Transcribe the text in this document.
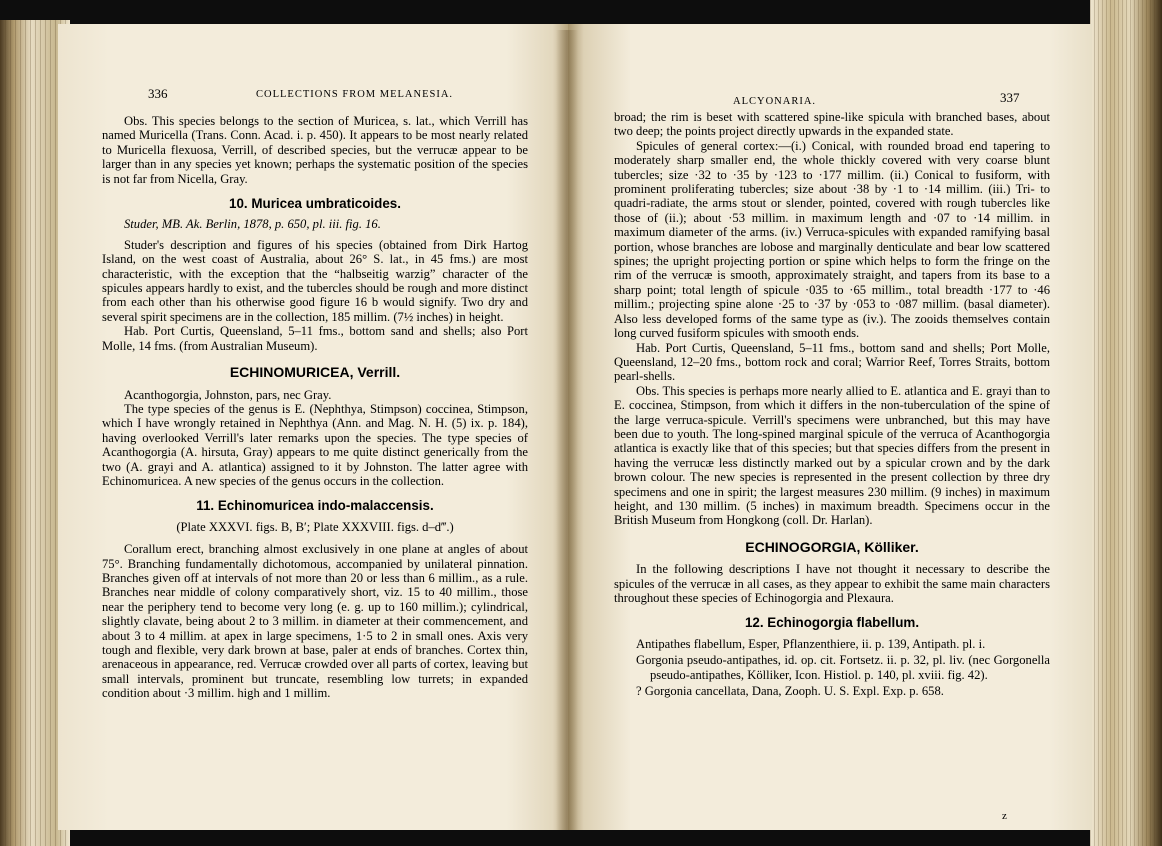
336	COLLECTIONS FROM MELANESIA.

Obs. This species belongs to the section of Muricea, s. lat., which Verrill has named Muricella (Trans. Conn. Acad. i. p. 450). It appears to be most nearly related to Muricella flexuosa, Verrill, of described species, but the verrucæ appear to be larger than in any species yet known; perhaps the systematic position of the species is not far from Nicella, Gray.

10. Muricea umbraticoides.
Studer, MB. Ak. Berlin, 1878, p. 650, pl. iii. fig. 16.

Studer's description and figures of his species (obtained from Dirk Hartog Island, on the west coast of Australia, about 26° S. lat., in 45 fms.) are most characteristic, with the exception that the “halbseitig warzig” character of the spicules appears hardly to exist, and the tubercles should be rough and more distinct from each other than his otherwise good figure 16 b would signify. Two dry and several spirit specimens are in the collection, 185 millim. (7½ inches) in height.

Hab. Port Curtis, Queensland, 5–11 fms., bottom sand and shells; also Port Molle, 14 fms. (from Australian Museum).

ECHINOMURICEA, Verrill.

Acanthogorgia, Johnston, pars, nec Gray.

The type species of the genus is E. (Nephthya, Stimpson) coccinea, Stimpson, which I have wrongly retained in Nephthya (Ann. and Mag. N. H. (5) ix. p. 184), having overlooked Verrill's later remarks upon the species. The type species of Acanthogorgia (A. hirsuta, Gray) appears to me quite distinct generically from the two (A. grayi and A. atlantica) assigned to it by Johnston. The latter agree with Echinomuricea. A new species of the genus occurs in the collection.

11. Echinomuricea indo-malaccensis.
(Plate XXXVI. figs. B, B′; Plate XXXVIII. figs. d–d‴.)

Corallum erect, branching almost exclusively in one plane at angles of about 75°. Branching fundamentally dichotomous, accompanied by unilateral pinnation. Branches given off at intervals of not more than 20 or less than 6 millim., as a rule. Branches near middle of colony comparatively short, viz. 15 to 40 millim., those near the periphery tend to become very long (e. g. up to 160 millim.); cylindrical, slightly clavate, being about 2 to 3 millim. in diameter at their commencement, and about 3 to 4 millim. at apex in large specimens, 1·5 to 2 in small ones. Axis very tough and flexible, very dark brown at base, paler at ends of branches. Cortex thin, arenaceous in appearance, red. Verrucæ crowded over all parts of cortex, leaving but small intervals, prominent but truncate, resembling low turrets; in expanded condition about ·3 millim. high and 1 millim.

ALCYONARIA.	337

broad; the rim is beset with scattered spine-like spicula with branched bases, about two deep; the points project directly upwards in the expanded state.

Spicules of general cortex:—(i.) Conical, with rounded broad end tapering to moderately sharp smaller end, the whole thickly covered with very coarse blunt tubercles; size ·32 to ·35 by ·123 to ·177 millim. (ii.) Conical to fusiform, with prominent proliferating tubercles; size about ·38 by ·1 to ·14 millim. (iii.) Tri- to quadri-radiate, the arms stout or slender, pointed, covered with rough tubercles like those of (ii.); about ·53 millim. in maximum length and ·07 to ·14 millim. in maximum diameter of the arms. (iv.) Verruca-spicules with expanded ramifying basal portion, whose branches are lobose and marginally denticulate and bear low scattered spines; the upright projecting portion or spine which helps to form the fringe on the rim of the verrucæ is smooth, approximately straight, and tapers from its base to a sharp point; total length of spicule ·035 to ·65 millim., total breadth ·177 to ·46 millim.; projecting spine alone ·25 to ·37 by ·053 to ·087 millim. (basal diameter). Also less developed forms of the same type as (iv.). The zooids themselves contain long curved fusiform spicules with smooth ends.

Hab. Port Curtis, Queensland, 5–11 fms., bottom sand and shells; Port Molle, Queensland, 12–20 fms., bottom rock and coral; Warrior Reef, Torres Straits, bottom pearl-shells.

Obs. This species is perhaps more nearly allied to E. atlantica and E. grayi than to E. coccinea, Stimpson, from which it differs in the non-tuberculation of the spine of the large verruca-spicule. Verrill's specimens were unbranched, but this may have been due to youth. The long-spined marginal spicule of the verruca of Acanthogorgia atlantica is exactly like that of this species; but that species differs from the present in having the verrucæ less distinctly marked out by a spicular crown and by the dark brown colour. The new species is represented in the present collection by three dry specimens and one in spirit; the largest measures 230 millim. (9 inches) in maximum height, and 130 millim. (5 inches) in maximum breadth. Specimens occur in the British Museum from Hongkong (coll. Dr. Harlan).

ECHINOGORGIA, Kölliker.

In the following descriptions I have not thought it necessary to describe the spicules of the verrucæ in all cases, as they appear to exhibit the same main characters throughout these species of Echinogorgia and Plexaura.

12. Echinogorgia flabellum.
Antipathes flabellum, Esper, Pflanzenthiere, ii. p. 139, Antipath. pl. i.
Gorgonia pseudo-antipathes, id. op. cit. Fortsetz. ii. p. 32, pl. liv. (nec Gorgonella pseudo-antipathes, Kölliker, Icon. Histiol. p. 140, pl. xviii. fig. 42).
? Gorgonia cancellata, Dana, Zooph. U. S. Expl. Exp. p. 658.
z
